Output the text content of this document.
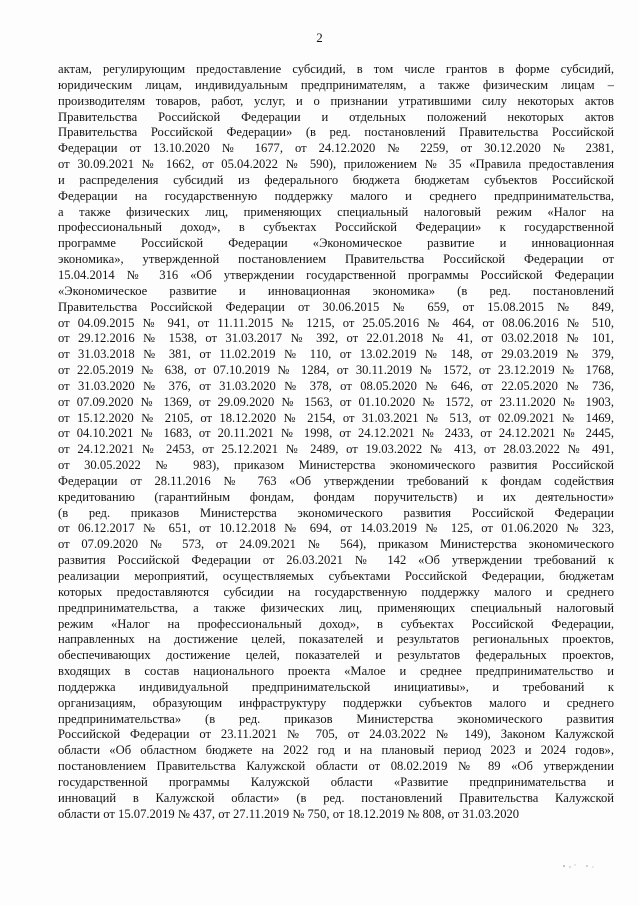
2
актам, регулирующим предоставление субсидий, в том числе грантов в форме субсидий,
юридическим лицам, индивидуальным предпринимателям, а также физическим лицам –
производителям товаров, работ, услуг, и о признании утратившими силу некоторых актов
Правительства Российской Федерации и отдельных положений некоторых актов
Правительства Российской Федерации» (в ред. постановлений Правительства Российской
Федерации от 13.10.2020 № 1677, от 24.12.2020 № 2259, от 30.12.2020 № 2381,
от 30.09.2021 № 1662, от 05.04.2022 № 590), приложением № 35 «Правила предоставления
и распределения субсидий из федерального бюджета бюджетам субъектов Российской
Федерации на государственную поддержку малого и среднего предпринимательства,
а также физических лиц, применяющих специальный налоговый режим «Налог на
профессиональный доход», в субъектах Российской Федерации» к государственной
программе Российской Федерации «Экономическое развитие и инновационная
экономика», утвержденной постановлением Правительства Российской Федерации от
15.04.2014 № 316 «Об утверждении государственной программы Российской Федерации
«Экономическое развитие и инновационная экономика» (в ред. постановлений
Правительства Российской Федерации от 30.06.2015 № 659, от 15.08.2015 № 849,
от 04.09.2015 № 941, от 11.11.2015 № 1215, от 25.05.2016 № 464, от 08.06.2016 № 510,
от 29.12.2016 № 1538, от 31.03.2017 № 392, от 22.01.2018 № 41, от 03.02.2018 № 101,
от 31.03.2018 № 381, от 11.02.2019 № 110, от 13.02.2019 № 148, от 29.03.2019 № 379,
от 22.05.2019 № 638, от 07.10.2019 № 1284, от 30.11.2019 № 1572, от 23.12.2019 № 1768,
от 31.03.2020 № 376, от 31.03.2020 № 378, от 08.05.2020 № 646, от 22.05.2020 № 736,
от 07.09.2020 № 1369, от 29.09.2020 № 1563, от 01.10.2020 № 1572, от 23.11.2020 № 1903,
от 15.12.2020 № 2105, от 18.12.2020 № 2154, от 31.03.2021 № 513, от 02.09.2021 № 1469,
от 04.10.2021 № 1683, от 20.11.2021 № 1998, от 24.12.2021 № 2433, от 24.12.2021 № 2445,
от 24.12.2021 № 2453, от 25.12.2021 № 2489, от 19.03.2022 № 413, от 28.03.2022 № 491,
от 30.05.2022 № 983), приказом Министерства экономического развития Российской
Федерации от 28.11.2016 № 763 «Об утверждении требований к фондам содействия
кредитованию (гарантийным фондам, фондам поручительств) и их деятельности»
(в ред. приказов Министерства экономического развития Российской Федерации
от 06.12.2017 № 651, от 10.12.2018 № 694, от 14.03.2019 № 125, от 01.06.2020 № 323,
от 07.09.2020 № 573, от 24.09.2021 № 564), приказом Министерства экономического
развития Российской Федерации от 26.03.2021 № 142 «Об утверждении требований к
реализации мероприятий, осуществляемых субъектами Российской Федерации, бюджетам
которых предоставляются субсидии на государственную поддержку малого и среднего
предпринимательства, а также физических лиц, применяющих специальный налоговый
режим «Налог на профессиональный доход», в субъектах Российской Федерации,
направленных на достижение целей, показателей и результатов региональных проектов,
обеспечивающих достижение целей, показателей и результатов федеральных проектов,
входящих в состав национального проекта «Малое и среднее предпринимательство и
поддержка индивидуальной предпринимательской инициативы», и требований к
организациям, образующим инфраструктуру поддержки субъектов малого и среднего
предпринимательства» (в ред. приказов Министерства экономического развития
Российской Федерации от 23.11.2021 № 705, от 24.03.2022 № 149), Законом Калужской
области «Об областном бюджете на 2022 год и на плановый период 2023 и 2024 годов»,
постановлением Правительства Калужской области от 08.02.2019 № 89 «Об утверждении
государственной программы Калужской области «Развитие предпринимательства и
инноваций в Калужской области» (в ред. постановлений Правительства Калужской
области от 15.07.2019 № 437, от 27.11.2019 № 750, от 18.12.2019 № 808, от 31.03.2020
